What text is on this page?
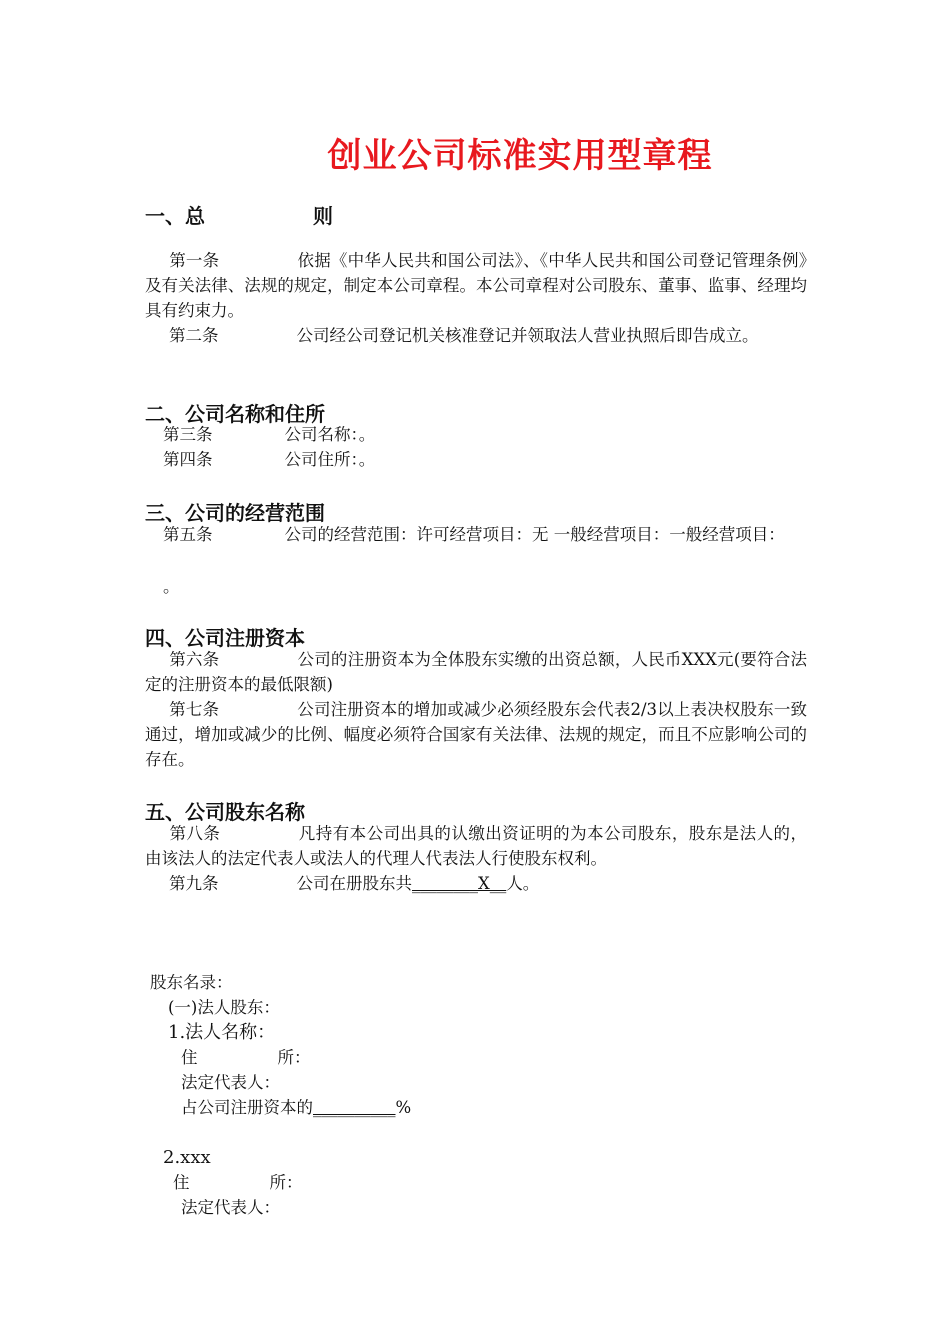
创业公司标准实用型章程
一、总	则
第一条	依据《中华人民共和国公司法》、《中华人民共和国公司登记管理条例》及有关法律、法规的规定，制定本公司章程。本公司章程对公司股东、董事、监事、经理均具有约束力。
第二条	公司经公司登记机关核准登记并领取法人营业执照后即告成立。
二、公司名称和住所
第三条	公司名称：。
第四条	公司住所：。
三、公司的经营范围
第五条	公司的经营范围：许可经营项目：无 一般经营项目：一般经营项目：
。
四、公司注册资本
第六条	公司的注册资本为全体股东实缴的出资总额，人民币XXX元(要符合法定的注册资本的最低限额)
第七条	公司注册资本的增加或减少必须经股东会代表2/3以上表决权股东一致通过，增加或减少的比例、幅度必须符合国家有关法律、法规的规定，而且不应影响公司的存在。
五、公司股东名称
第八条	凡持有本公司出具的认缴出资证明的为本公司股东，股东是法人的，由该法人的法定代表人或法人的代理人代表法人行使股东权利。
第九条	公司在册股东共________X__人。
股东名录：
(一)法人股东：
1.法人名称：
住	所：
法定代表人：
占公司注册资本的__________%
2.xxx
住	所：
法定代表人：
